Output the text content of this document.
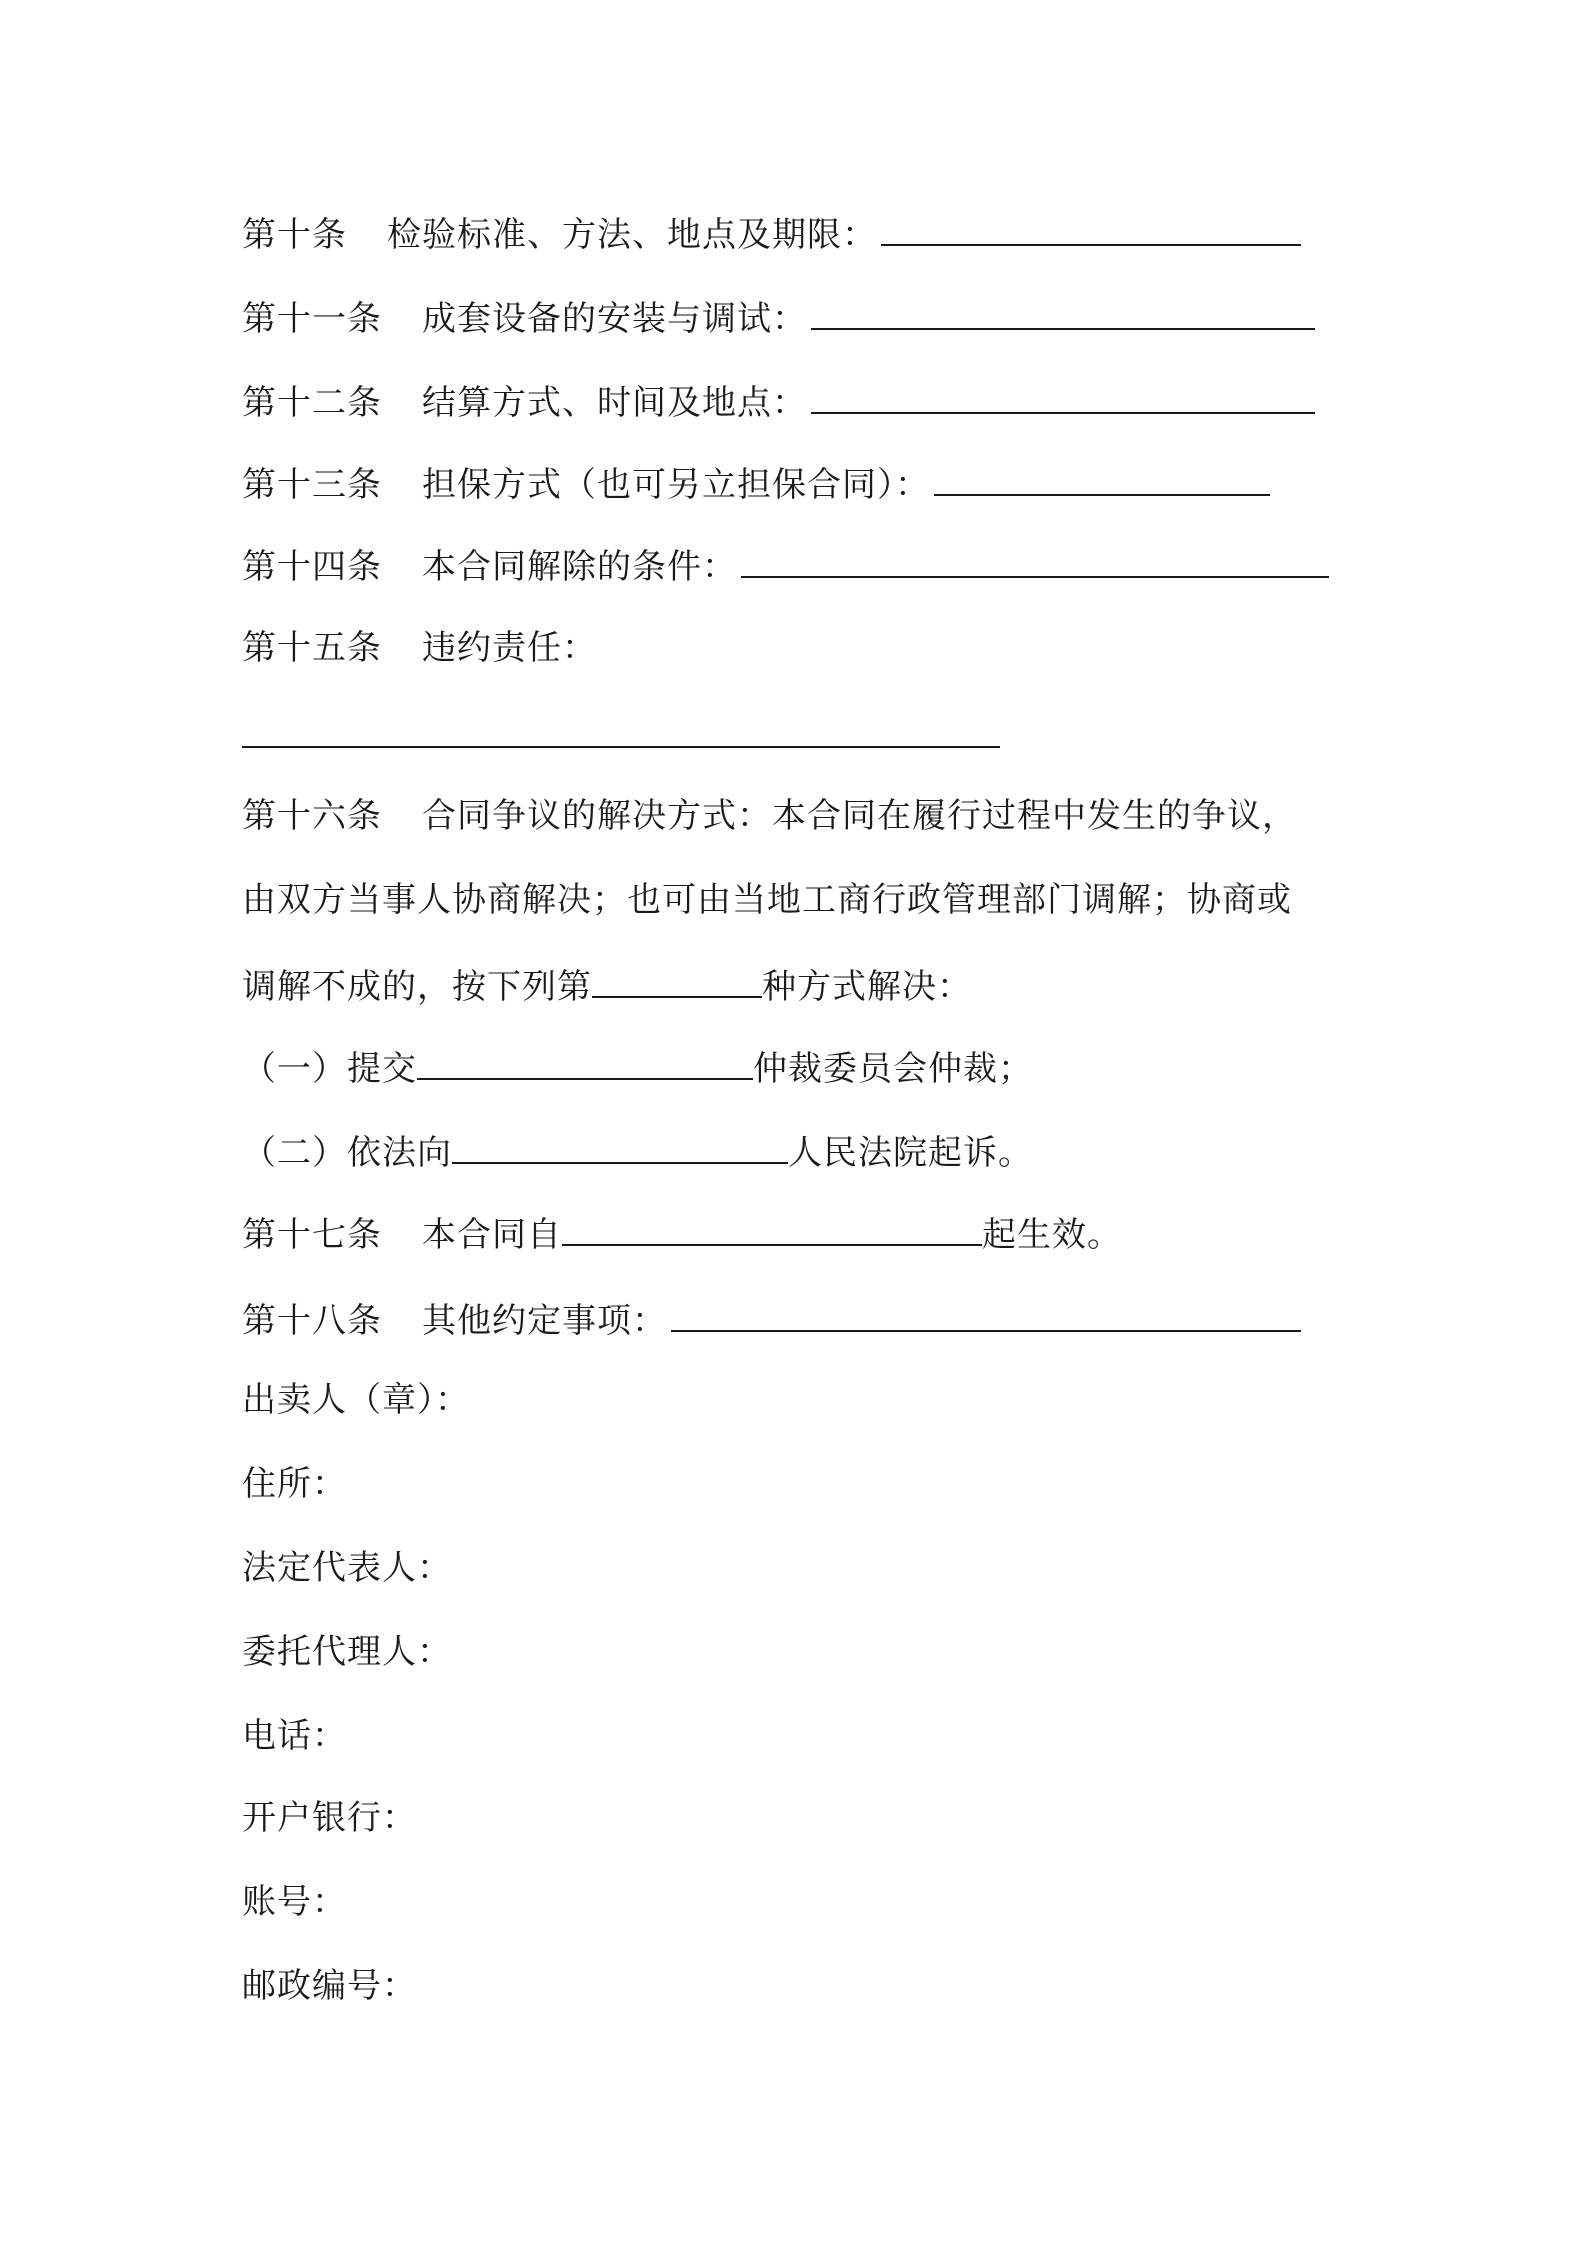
第十条 检验标准、方法、地点及期限：
第十一条 成套设备的安装与调试：
第十二条 结算方式、时间及地点：
第十三条 担保方式（也可另立担保合同）：
第十四条 本合同解除的条件：
第十五条 违约责任：
第十六条 合同争议的解决方式：本合同在履行过程中发生的争议，
由双方当事人协商解决；也可由当地工商行政管理部门调解；协商或
调解不成的，按下列第	种方式解决：
（一）提交	仲裁委员会仲裁；
（二）依法向	人民法院起诉。
第十七条 本合同自	起生效。
第十八条 其他约定事项：
出卖人（章）：
住所：
法定代表人：
委托代理人：
电话：
开户银行：
账号：
邮政编号：
